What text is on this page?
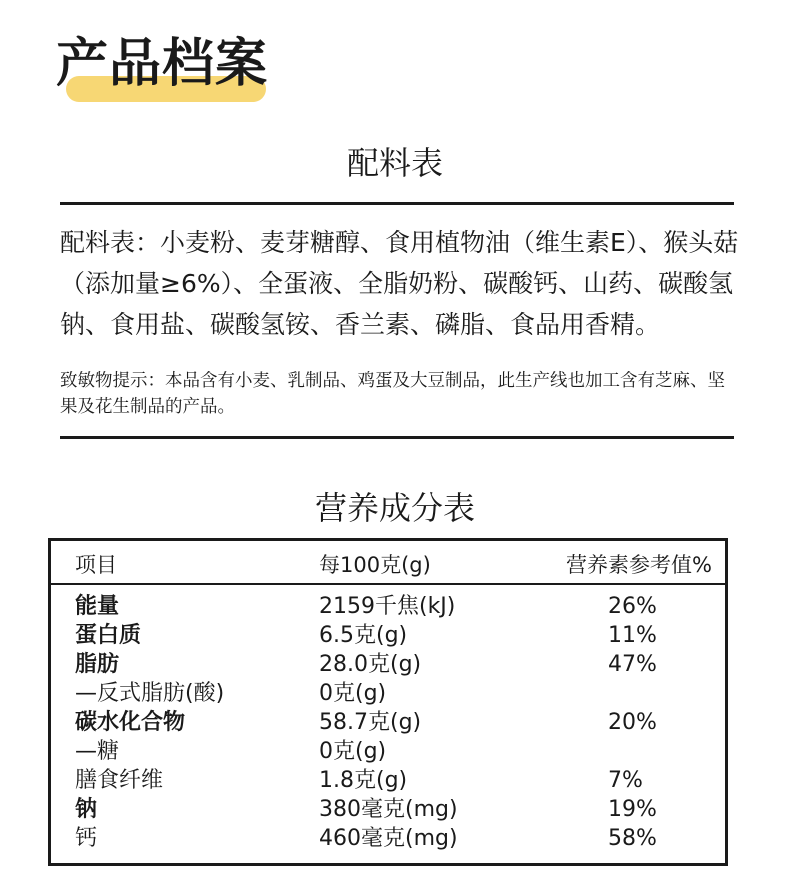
产品档案
配料表

配料表：小麦粉、麦芽糖醇、食用植物油（维生素E）、猴头菇（添加量≥6%）、全蛋液、全脂奶粉、碳酸钙、山药、碳酸氢钠、食用盐、碳酸氢铵、香兰素、磷脂、食品用香精。

致敏物提示：本品含有小麦、乳制品、鸡蛋及大豆制品，此生产线也加工含有芝麻、坚果及花生制品的产品。

营养成分表
项目	每100克(g)	营养素参考值%
能量	2159千焦(kJ)	26%
蛋白质	6.5克(g)	11%
脂肪	28.0克(g)	47%
—反式脂肪(酸)	0克(g)
碳水化合物	58.7克(g)	20%
—糖	0克(g)
膳食纤维	1.8克(g)	7%
钠	380毫克(mg)	19%
钙	460毫克(mg)	58%
